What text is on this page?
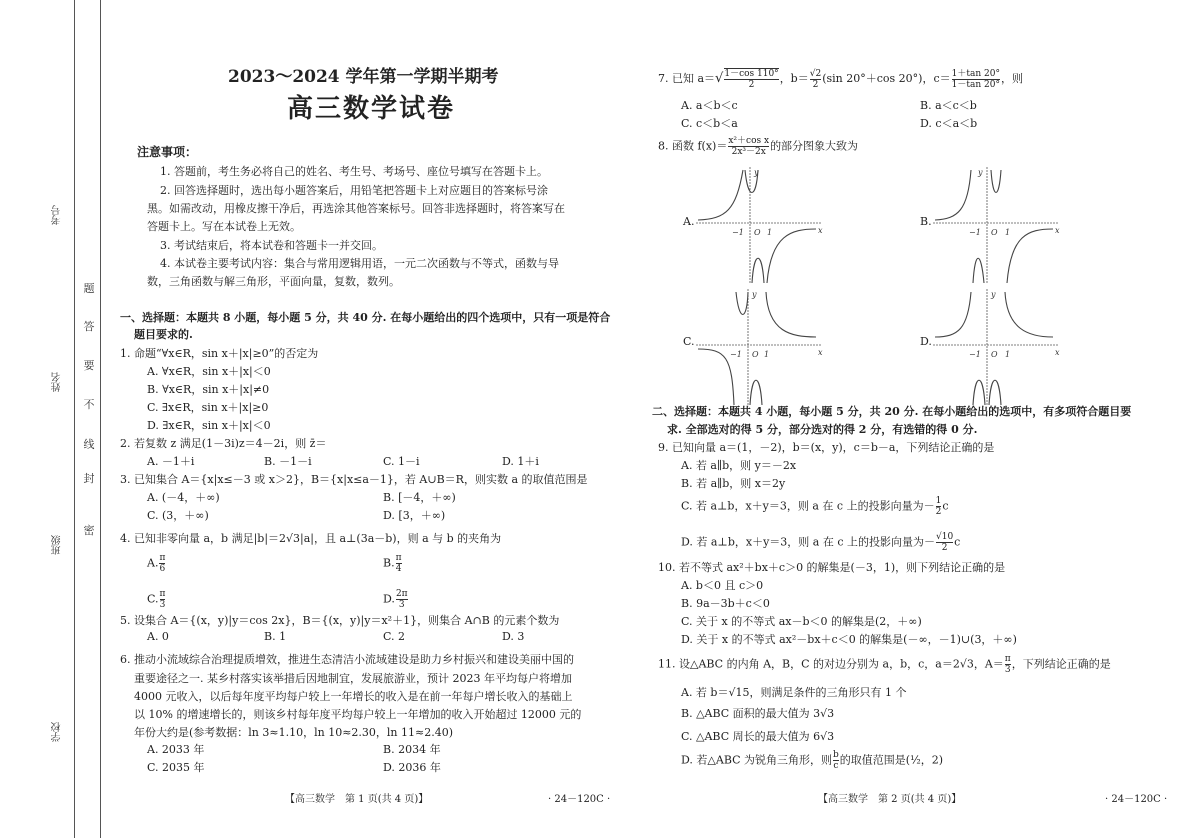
考号
姓名
班级
学校
密
封
线
不
要
答
题
2023～2024 学年第一学期半期考
高三数学试卷
注意事项：
1. 答题前，考生务必将自己的姓名、考生号、考场号、座位号填写在答题卡上。
2. 回答选择题时，选出每小题答案后，用铅笔把答题卡上对应题目的答案标号涂
黑。如需改动，用橡皮擦干净后，再选涂其他答案标号。回答非选择题时，将答案写在
答题卡上。写在本试卷上无效。
3. 考试结束后，将本试卷和答题卡一并交回。
4. 本试卷主要考试内容：集合与常用逻辑用语，一元二次函数与不等式，函数与导
数，三角函数与解三角形，平面向量，复数，数列。
一、选择题：本题共 8 小题，每小题 5 分，共 40 分. 在每小题给出的四个选项中，只有一项是符合
题目要求的.
1. 命题“∀x∈R，sin x＋|x|≥0”的否定为
A. ∀x∈R，sin x＋|x|＜0
B. ∀x∈R，sin x＋|x|≠0
C. ∃x∈R，sin x＋|x|≥0
D. ∃x∈R，sin x＋|x|＜0
2. 若复数 z 满足(1－3i)z＝4－2i，则 z̄＝
A. －1＋i	B. －1－i	C. 1－i	D. 1＋i
3. 已知集合 A＝{x|x≤－3 或 x＞2}，B＝{x|x≤a－1}，若 A∪B＝R，则实数 a 的取值范围是
A. (－4，＋∞)	B. [－4，＋∞)
C. (3，＋∞)	D. [3，＋∞)
4. 已知非零向量 a，b 满足|b|＝2√3|a|，且 a⊥(3a－b)，则 a 与 b 的夹角为
A. $\frac{\pi}{6}$	B. $\frac{\pi}{4}$
C. $\frac{\pi}{3}$	D. $\frac{2\pi}{3}$
5. 设集合 A＝{(x，y)|y＝cos 2x}，B＝{(x，y)|y＝x²＋1}，则集合 A∩B 的元素个数为
A. 0	B. 1	C. 2	D. 3
6. 推动小流域综合治理提质增效，推进生态清洁小流域建设是助力乡村振兴和建设美丽中国的
重要途径之一. 某乡村落实该举措后因地制宜，发展旅游业，预计 2023 年平均每户将增加
4000 元收入，以后每年度平均每户较上一年增长的收入是在前一年每户增长收入的基础上
以 10% 的增速增长的，则该乡村每年度平均每户较上一年增加的收入开始超过 12000 元的
年份大约是(参考数据：ln 3≈1.10，ln 10≈2.30，ln 11≈2.40)
A. 2033 年	B. 2034 年
C. 2035 年	D. 2036 年
【高三数学　第 1 页(共 4 页)】	· 24－120C ·
7. 已知 $a=√ \frac{1-\cos 110^\circ}{2}$ ，$b= \frac{√2}{2} (\sin$ 20°＋cos 20°)，$c= \frac{1+\tan 20^\circ}{1-\tan 20^\circ}$ ，则
A. a＜b＜c	B. a＜c＜b
C. c＜b＜a	D. c＜a＜b
8. 函数 $f(x)= \frac{\text{x²＋cos x}}{\text{2x³－2x}}$ 的部分图象大致为
A.	B.
C.	D.
−1 O 1	x
y
−1 O 1	x
y
−1 O 1	x
y
−1 O 1	x
y
二、选择题：本题共 4 小题，每小题 5 分，共 20 分. 在每小题给出的选项中，有多项符合题目要
求. 全部选对的得 5 分，部分选对的得 2 分，有选错的得 0 分.
9. 已知向量 a＝(1，－2)，b＝(x，y)，c＝b－a，下列结论正确的是
A. 若 a∥b，则 y＝－2x
B. 若 a∥b，则 x＝2y
C. 若 a⊥b，x＋y＝3，则 a 在 c 上的投影向量为－ $\frac{1}{2}$ c
D. 若 a⊥b，x＋y＝3，则 a 在 c 上的投影向量为－ $\frac{√10}{2}$ c
10. 若不等式 ax²＋bx＋c＞0 的解集是(－3，1)，则下列结论正确的是
A. b＜0 且 c＞0
B. 9a－3b＋c＜0
C. 关于 x 的不等式 ax－b＜0 的解集是(2，＋∞)
D. 关于 x 的不等式 ax²－bx＋c＜0 的解集是(－∞，－1)∪(3，＋∞)
11. 设△ABC 的内角 A，B，C 的对边分别为 a，b，c，a＝2√3，$A= \frac{\pi}{3}$ ，下列结论正确的是
A. 若 b＝√15，则满足条件的三角形只有 1 个
B. △ABC 面积的最大值为 3√3
C. △ABC 周长的最大值为 6√3
D. 若△ABC 为锐角三角形，则 $\frac{b}{c}$ 的取值范围是(½，2)
【高三数学　第 2 页(共 4 页)】	· 24－120C ·
